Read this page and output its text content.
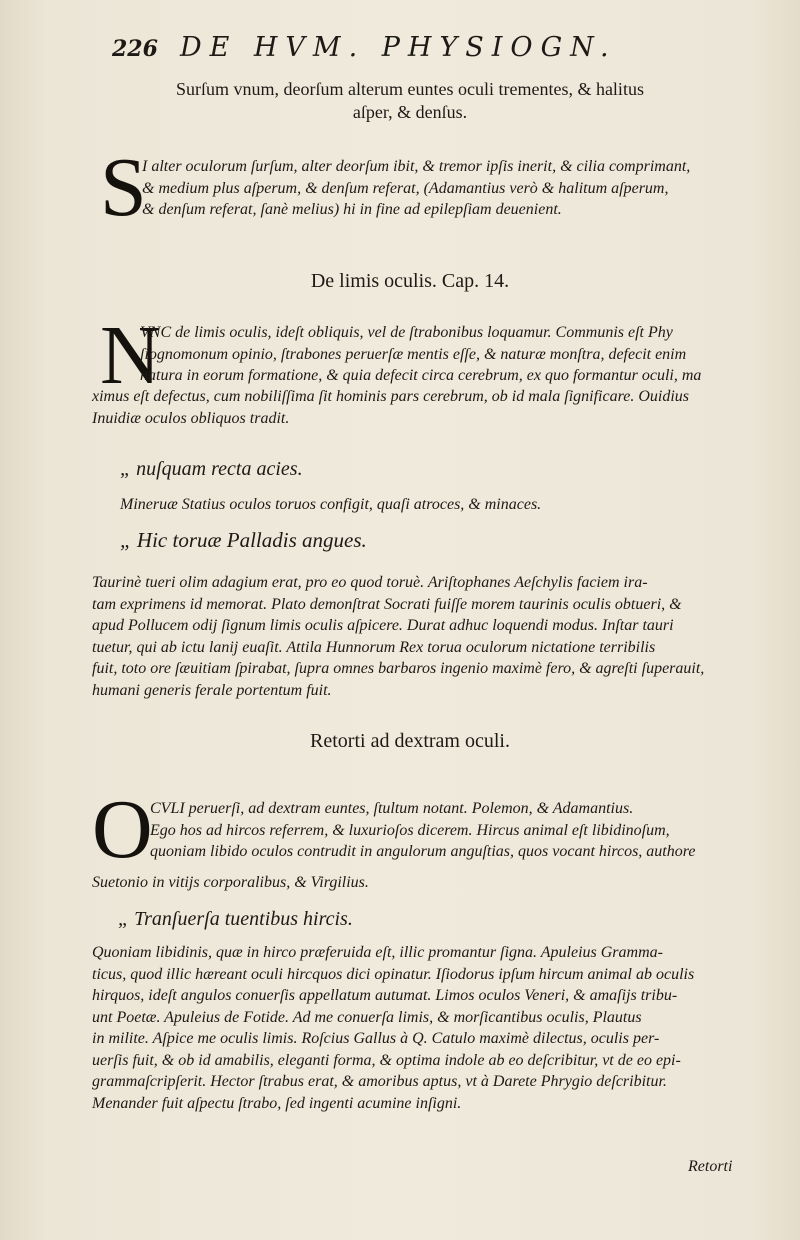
226 DE HVM. PHYSIOGN.
Surſum vnum, deorſum alterum euntes oculi trementes, & halitus
aſper, & denſus.
S
I alter oculorum ſurſum, alter deorſum ibit, & tremor ipſis inerit, & cilia comprimant,
& medium plus aſperum, & denſum referat, (Adamantius verò & halitum aſperum,
& denſum referat, ſanè melius) hi in fine ad epilepſiam deuenient.
De limis oculis. Cap. 14.
N
VNC de limis oculis, ideſt obliquis, vel de ſtrabonibus loquamur. Communis eſt Phy
ſiognomonum opinio, ſtrabones peruerſæ mentis eſſe, & naturæ monſtra, defecit enim
natura in eorum formatione, & quia defecit circa cerebrum, ex quo formantur oculi, ma
ximus eſt defectus, cum nobiliſſima ſit hominis pars cerebrum, ob id mala ſignificare. Ouidius
Inuidiæ oculos obliquos tradit.
„ nuſquam recta acies.
Mineruæ Statius oculos toruos configit, quaſi atroces, & minaces.
„ Hic toruæ Palladis angues.
Taurinè tueri olim adagium erat, pro eo quod toruè. Ariſtophanes Aeſchylis faciem ira-
tam exprimens id memorat. Plato demonſtrat Socrati fuiſſe morem taurinis oculis obtueri, &
apud Pollucem odij ſignum limis oculis aſpicere. Durat adhuc loquendi modus. Inſtar tauri
tuetur, qui ab ictu lanij euaſit. Attila Hunnorum Rex torua oculorum nictatione terribilis
fuit, toto ore ſæuitiam ſpirabat, ſupra omnes barbaros ingenio maximè fero, & agreſti ſuperauit,
humani generis ferale portentum fuit.
Retorti ad dextram oculi.
O
CVLI peruerſi, ad dextram euntes, ſtultum notant. Polemon, & Adamantius.
Ego hos ad hircos referrem, & luxurioſos dicerem. Hircus animal eſt libidinoſum,
quoniam libido oculos contrudit in angulorum anguſtias, quos vocant hircos, authore
Suetonio in vitijs corporalibus, & Virgilius.
„ Tranſuerſa tuentibus hircis.
Quoniam libidinis, quæ in hirco præferuida eſt, illic promantur ſigna. Apuleius Gramma-
ticus, quod illic hæreant oculi hircquos dici opinatur. Iſiodorus ipſum hircum animal ab oculis
hirquos, ideſt angulos conuerſis appellatum autumat. Limos oculos Veneri, & amaſijs tribu-
unt Poetæ. Apuleius de Fotide. Ad me conuerſa limis, & morſicantibus oculis, Plautus
in milite. Aſpice me oculis limis. Roſcius Gallus à Q. Catulo maximè dilectus, oculis per-
uerſis fuit, & ob id amabilis, eleganti forma, & optima indole ab eo deſcribitur, vt de eo epi-
grammaſcripſerit. Hector ſtrabus erat, & amoribus aptus, vt à Darete Phrygio deſcribitur.
Menander fuit aſpectu ſtrabo, ſed ingenti acumine inſigni.
Retorti
